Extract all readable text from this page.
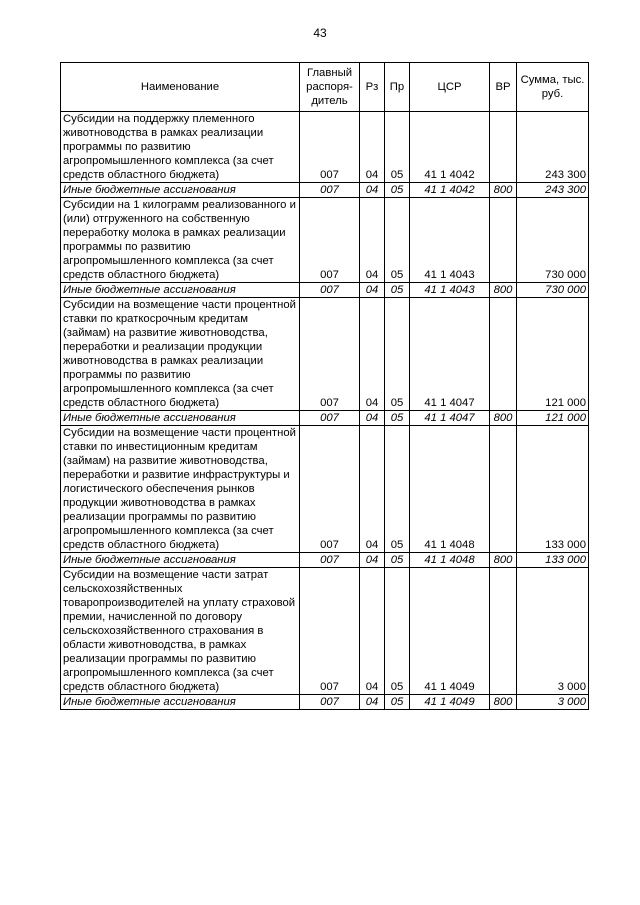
43
Наименование	Главный распоря-дитель	Рз	Пр	ЦСР	ВР	Сумма, тыс. руб.
Субсидии на поддержку племенного животноводства в рамках реализации программы по развитию агропромышленного комплекса (за счет средств областного бюджета)	007	04	05	41 1 4042		243 300
Иные бюджетные ассигнования	007	04	05	41 1 4042	800	243 300
Субсидии на 1 килограмм реализованного и (или) отгруженного на собственную переработку молока в рамках реализации программы по развитию агропромышленного комплекса (за счет средств областного бюджета)	007	04	05	41 1 4043		730 000
Иные бюджетные ассигнования	007	04	05	41 1 4043	800	730 000
Субсидии на возмещение части процентной ставки по краткосрочным кредитам (займам) на развитие животноводства, переработки и реализации продукции животноводства в рамках реализации программы по развитию агропромышленного комплекса (за счет средств областного бюджета)	007	04	05	41 1 4047		121 000
Иные бюджетные ассигнования	007	04	05	41 1 4047	800	121 000
Субсидии на возмещение части процентной ставки по инвестиционным кредитам (займам) на развитие животноводства, переработки и развитие инфраструктуры и логистического обеспечения рынков продукции животноводства в рамках реализации программы по развитию агропромышленного комплекса (за счет средств областного бюджета)	007	04	05	41 1 4048		133 000
Иные бюджетные ассигнования	007	04	05	41 1 4048	800	133 000
Субсидии на возмещение части затрат сельскохозяйственных товаропроизводителей на уплату страховой премии, начисленной по договору сельскохозяйственного страхования в области животноводства, в рамках реализации программы по развитию агропромышленного комплекса (за счет средств областного бюджета)	007	04	05	41 1 4049		3 000
Иные бюджетные ассигнования	007	04	05	41 1 4049	800	3 000
